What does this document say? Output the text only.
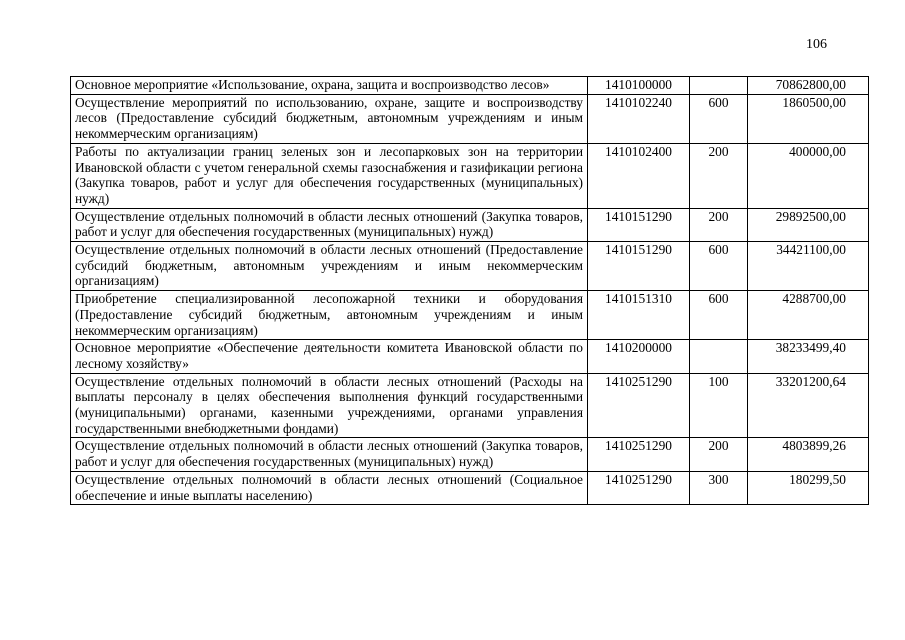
106
Основное мероприятие «Использование, охрана, защита и воспроизводство лесов»	1410100000		70862800,00
Осуществление мероприятий по использованию, охране, защите и воспроизводству лесов (Предоставление субсидий бюджетным, автономным учреждениям и иным некоммерческим организациям)	1410102240	600	1860500,00
Работы по актуализации границ зеленых зон и лесопарковых зон на территории Ивановской области с учетом генеральной схемы газоснабжения и газификации региона (Закупка товаров, работ и услуг для обеспечения государственных (муниципальных) нужд)	1410102400	200	400000,00
Осуществление отдельных полномочий в области лесных отношений (Закупка товаров, работ и услуг для обеспечения государственных (муниципальных) нужд)	1410151290	200	29892500,00
Осуществление отдельных полномочий в области лесных отношений (Предоставление субсидий бюджетным, автономным учреждениям и иным некоммерческим организациям)	1410151290	600	34421100,00
Приобретение специализированной лесопожарной техники и оборудования (Предоставление субсидий бюджетным, автономным учреждениям и иным некоммерческим организациям)	1410151310	600	4288700,00
Основное мероприятие «Обеспечение деятельности комитета Ивановской области по лесному хозяйству»	1410200000		38233499,40
Осуществление отдельных полномочий в области лесных отношений (Расходы на выплаты персоналу в целях обеспечения выполнения функций государственными (муниципальными) органами, казенными учреждениями, органами управления государственными внебюджетными фондами)	1410251290	100	33201200,64
Осуществление отдельных полномочий в области лесных отношений (Закупка товаров, работ и услуг для обеспечения государственных (муниципальных) нужд)	1410251290	200	4803899,26
Осуществление отдельных полномочий в области лесных отношений (Социальное обеспечение и иные выплаты населению)	1410251290	300	180299,50
